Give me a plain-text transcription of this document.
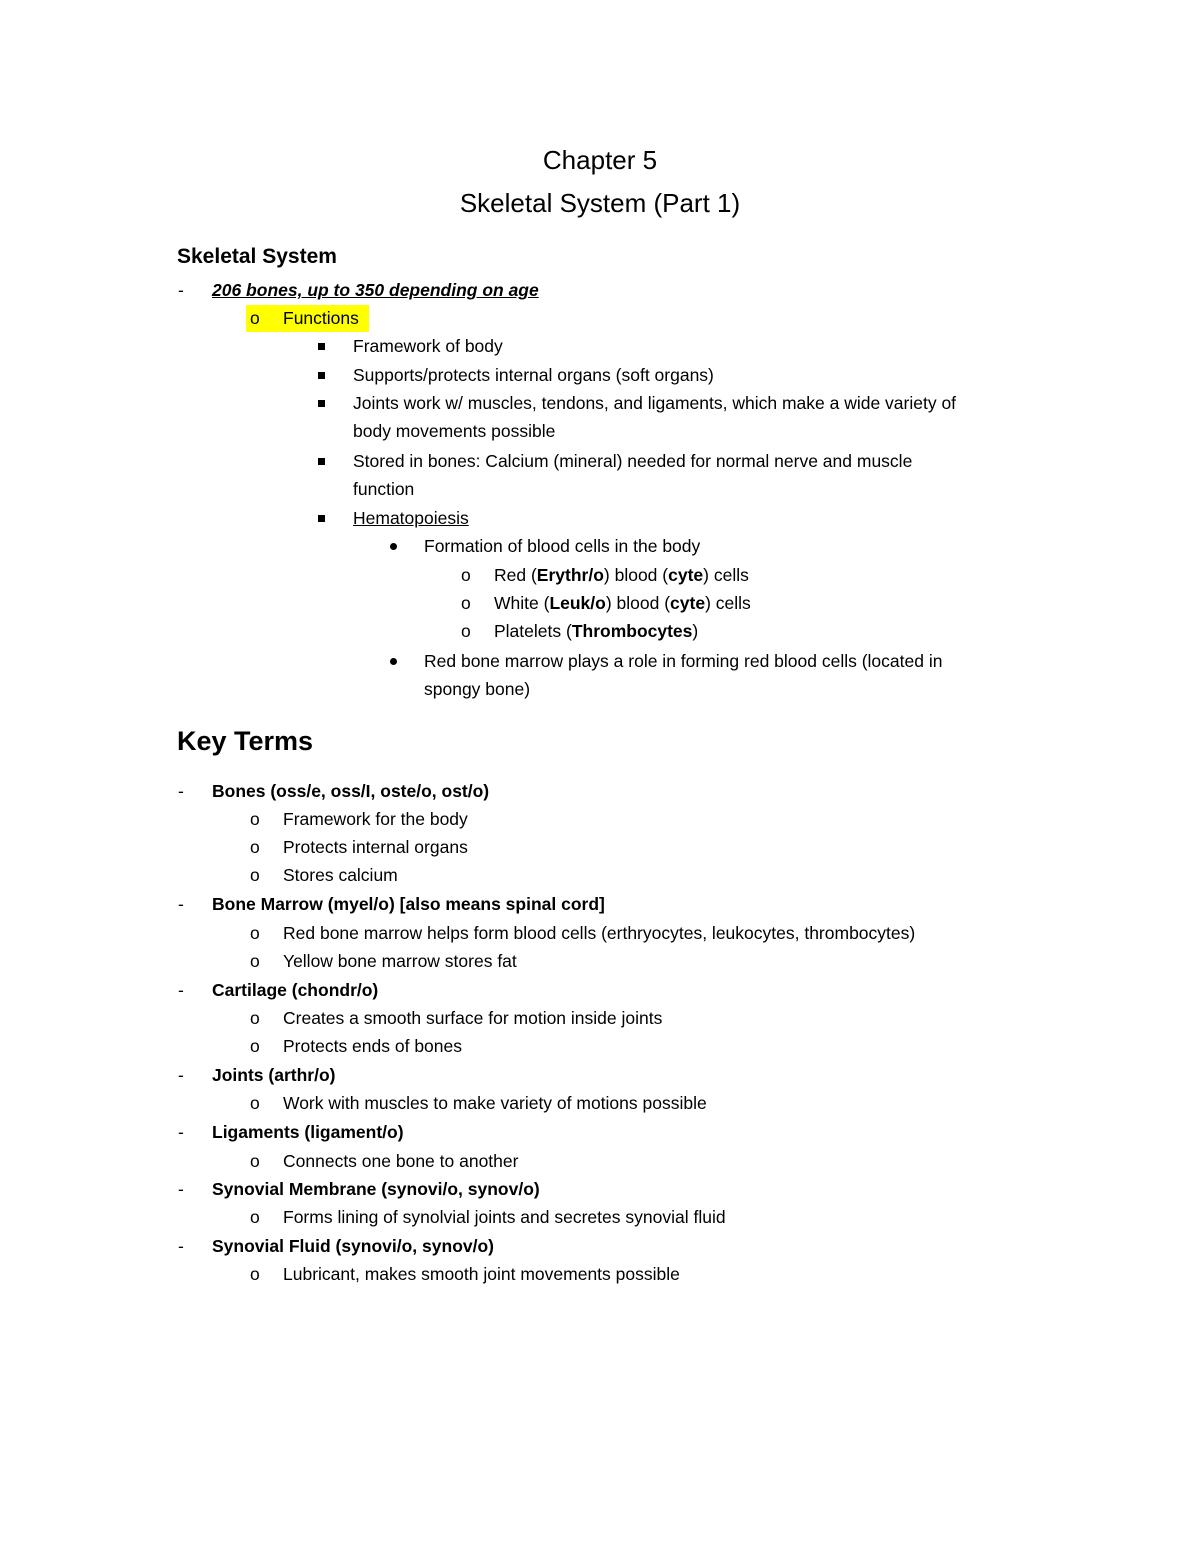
Chapter 5
Skeletal System (Part 1)
Skeletal System
- 206 bones, up to 350 depending on age
o Functions
Framework of body
Supports/protects internal organs (soft organs)
Joints work w/ muscles, tendons, and ligaments, which make a wide variety of
body movements possible
Stored in bones: Calcium (mineral) needed for normal nerve and muscle
function
Hematopoiesis
Formation of blood cells in the body
o Red (Erythr/o) blood (cyte) cells
o White (Leuk/o) blood (cyte) cells
o Platelets (Thrombocytes)
Red bone marrow plays a role in forming red blood cells (located in
spongy bone)
Key Terms
- Bones (oss/e, oss/I, oste/o, ost/o)
o Framework for the body
o Protects internal organs
o Stores calcium
- Bone Marrow (myel/o) [also means spinal cord]
o Red bone marrow helps form blood cells (erthryocytes, leukocytes, thrombocytes)
o Yellow bone marrow stores fat
- Cartilage (chondr/o)
o Creates a smooth surface for motion inside joints
o Protects ends of bones
- Joints (arthr/o)
o Work with muscles to make variety of motions possible
- Ligaments (ligament/o)
o Connects one bone to another
- Synovial Membrane (synovi/o, synov/o)
o Forms lining of synolvial joints and secretes synovial fluid
- Synovial Fluid (synovi/o, synov/o)
o Lubricant, makes smooth joint movements possible
